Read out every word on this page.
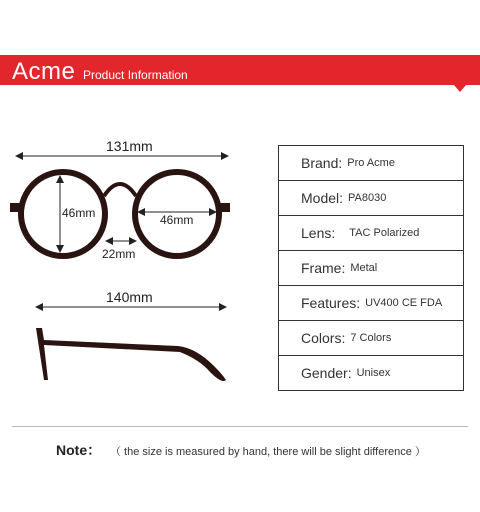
Acme Product Information
131mm
46mm	46mm
22mm
140mm
Brand: Pro Acme
Model: PA8030
Lens: TAC Polarized
Frame: Metal
Features: UV400 CE FDA
Colors: 7 Colors
Gender: Unisex
Note： （ the size is measured by hand, there will be slight difference ）
